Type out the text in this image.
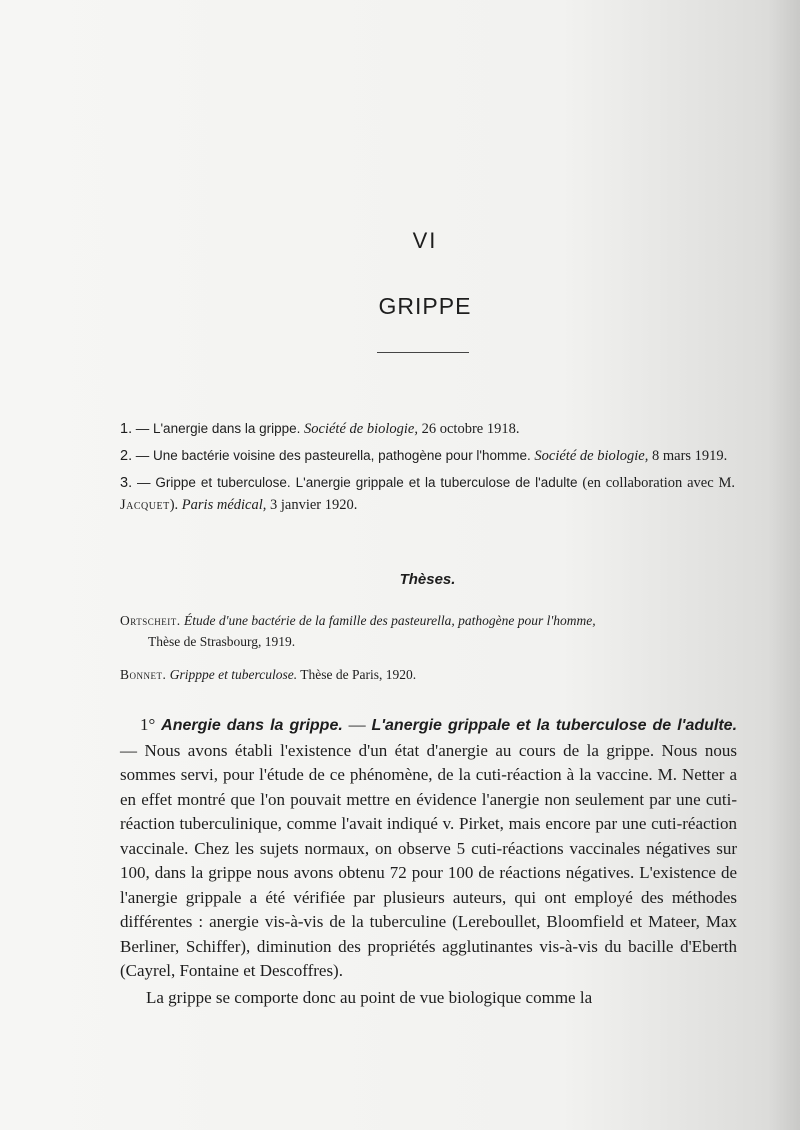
VI
GRIPPE
1. — L'anergie dans la grippe. Société de biologie, 26 octobre 1918.
2. — Une bactérie voisine des pasteurella, pathogène pour l'homme. Société de biologie, 8 mars 1919.
3. — Grippe et tuberculose. L'anergie grippale et la tuberculose de l'adulte (en collaboration avec M. Jacquet). Paris médical, 3 janvier 1920.
Thèses.
Ortscheit. Étude d'une bactérie de la famille des pasteurella, pathogène pour l'homme,
Thèse de Strasbourg, 1919.
Bonnet. Gripppe et tuberculose. Thèse de Paris, 1920.

1° Anergie dans la grippe. — L'anergie grippale et la tuberculose de l'adulte. — Nous avons établi l'existence d'un état d'anergie au cours de la grippe. Nous nous sommes servi, pour l'étude de ce phénomène, de la cuti-réaction à la vaccine. M. Netter a en effet montré que l'on pouvait mettre en évidence l'anergie non seulement par une cuti-réaction tuberculinique, comme l'avait indiqué v. Pirket, mais encore par une cuti-réaction vaccinale. Chez les sujets normaux, on observe 5 cuti-réactions vaccinales négatives sur 100, dans la grippe nous avons obtenu 72 pour 100 de réactions négatives. L'existence de l'anergie grippale a été vérifiée par plusieurs auteurs, qui ont employé des méthodes différentes : anergie vis-à-vis de la tuberculine (Lereboullet, Bloomfield et Mateer, Max Berliner, Schiffer), diminution des propriétés agglutinantes vis-à-vis du bacille d'Eberth (Cayrel, Fontaine et Descoffres).

La grippe se comporte donc au point de vue biologique comme la
